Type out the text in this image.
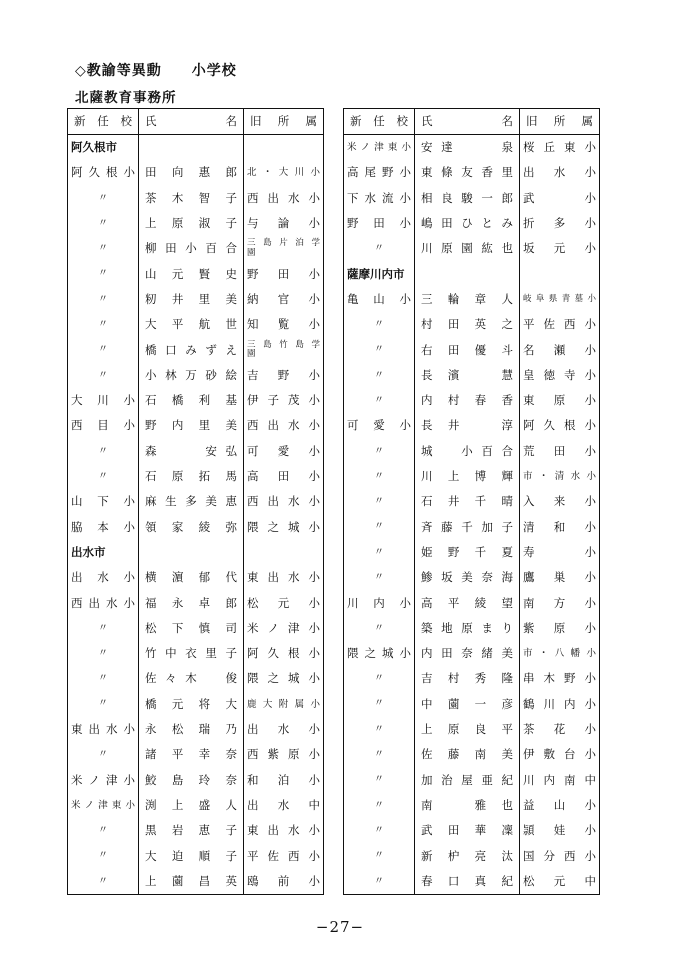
◇教諭等異動　　小学校
北薩教育事務所
新任校	氏名	旧所属
阿久根市		
阿久根小	田向惠郎	北・大川小
〃	茶木智子	西出水小
〃	上原淑子	与論小
〃	柳田小百合	三島片泊学　　　園
〃	山元賢史	野田小
〃	籾井里美	納官小
〃	大平航世	知覧小
〃	橋口みずえ	三島竹島学　　　園
〃	小林万砂絵	吉野小
大川小	石橋利基	伊子茂小
西目小	野内里美	西出水小
〃	森　　安弘	可愛小
〃	石原拓馬	高田小
山下小	麻生多美恵	西出水小
脇本小	領家綾弥	隈之城小
出水市		
出水小	横濵郁代	東出水小
西出水小	福永卓郎	松元小
〃	松下慎司	米ノ津小
〃	竹中衣里子	阿久根小
〃	佐々木　俊	隈之城小
〃	橋元将大	鹿大附属小
東出水小	永松瑞乃	出水小
〃	諸平幸奈	西紫原小
米ノ津小	鮫島玲奈	和泊小
米ノ津東小	渕上盛人	出水中
〃	黒岩恵子	東出水小
〃	大迫順子	平佐西小
〃	上薗昌英	鴎前小
新任校	氏名	旧所属
米ノ津東小	安達　　泉	桜丘東小
高尾野小	東條友香里	出水小
下水流小	相良駿一郎	武　　小
野田小	嶋田ひとみ	折多小
〃	川原園紘也	坂元小
薩摩川内市		
亀山小	三輪章人	岐阜県青墓小
〃	村田英之	平佐西小
〃	右田優斗	名瀬小
〃	長濱　慧	皇徳寺小
〃	内村春香	東原小
可愛小	長井　淳	阿久根小
〃	城　小百合	荒田小
〃	川上博輝	市・清水小
〃	石井千晴	入来小
〃	斉藤千加子	清和小
〃	姫野千夏	寿　　小
〃	鯵坂美奈海	鷹巣小
川内小	高平綾望	南方小
〃	築地原まり	紫原小
隈之城小	内田奈緒美	市・八幡小
〃	吉村秀隆	串木野小
〃	中薗一彦	鶴川内小
〃	上原良平	茶花小
〃	佐藤南美	伊敷台小
〃	加治屋亜紀	川内南中
〃	南　雅也	益山小
〃	武田華凜	頴娃小
〃	新枦亮汰	国分西小
〃	春口真紀	松元中
−27−
